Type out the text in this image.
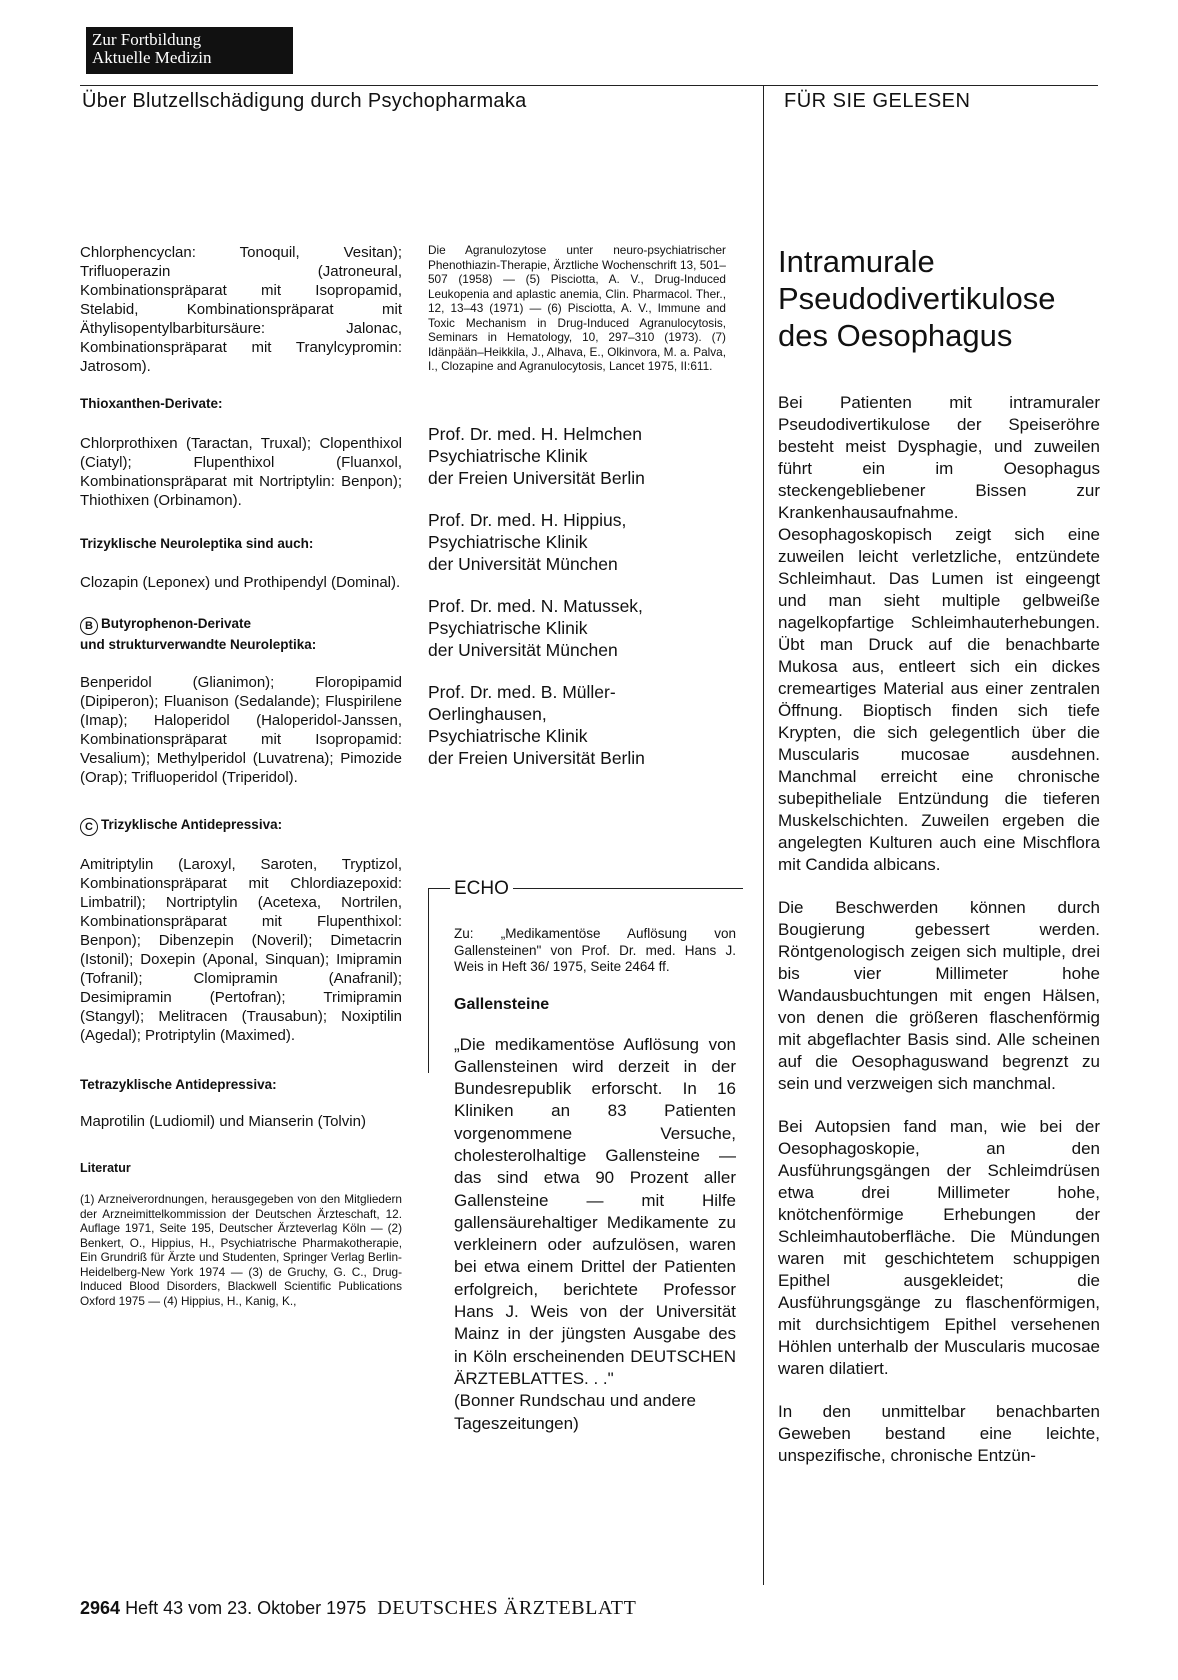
Zur Fortbildung
Aktuelle Medizin
Über Blutzellschädigung durch Psychopharmaka	FÜR SIE GELESEN

Chlorphencyclan: Tonoquil, Vesitan); Trifluoperazin (Jatroneural, Kombinationspräparat mit Isopropamid, Stelabid, Kombinationspräparat mit Äthylisopentylbarbitursäure: Jalonac, Kombinationspräparat mit Tranylcypromin: Jatrosom).

Thioxanthen-Derivate:

Chlorprothixen (Taractan, Truxal); Clopenthixol (Ciatyl); Flupenthixol (Fluanxol, Kombinationspräparat mit Nortriptylin: Benpon); Thiothixen (Orbinamon).

Trizyklische Neuroleptika sind auch:

Clozapin (Leponex) und Prothipendyl (Dominal).

B Butyrophenon-Derivate
und strukturverwandte Neuroleptika:

Benperidol (Glianimon); Floropipamid (Dipiperon); Fluanison (Sedalande); Fluspirilene (Imap); Haloperidol (Haloperidol-Janssen, Kombinationspräparat mit Isopropamid: Vesalium); Methylperidol (Luvatrena); Pimozide (Orap); Trifluoperidol (Triperidol).

C Trizyklische Antidepressiva:

Amitriptylin (Laroxyl, Saroten, Tryptizol, Kombinationspräparat mit Chlordiazepoxid: Limbatril); Nortriptylin (Acetexa, Nortrilen, Kombinationspräparat mit Flupenthixol: Benpon); Dibenzepin (Noveril); Dimetacrin (Istonil); Doxepin (Aponal, Sinquan); Imipramin (Tofranil); Clomipramin (Anafranil); Desimipramin (Pertofran); Trimipramin (Stangyl); Melitracen (Trausabun); Noxiptilin (Agedal); Protriptylin (Maximed).

Tetrazyklische Antidepressiva:

Maprotilin (Ludiomil) und Mianserin (Tolvin)

Literatur

(1) Arzneiverordnungen, herausgegeben von den Mitgliedern der Arzneimittelkommission der Deutschen Ärzteschaft, 12. Auflage 1971, Seite 195, Deutscher Ärzteverlag Köln — (2) Benkert, O., Hippius, H., Psychiatrische Pharmakotherapie, Ein Grundriß für Ärzte und Studenten, Springer Verlag Berlin-Heidelberg-New York 1974 — (3) de Gruchy, G. C., Drug-Induced Blood Disorders, Blackwell Scientific Publications Oxford 1975 — (4) Hippius, H., Kanig, K.,

Die Agranulozytose unter neuro-psychiatrischer Phenothiazin-Therapie, Ärztliche Wochenschrift 13, 501–507 (1958) — (5) Pisciotta, A. V., Drug-Induced Leukopenia and aplastic anemia, Clin. Pharmacol. Ther., 12, 13–43 (1971) — (6) Pisciotta, A. V., Immune and Toxic Mechanism in Drug-Induced Agranulocytosis, Seminars in Hematology, 10, 297–310 (1973). (7) Idänpään–Heikkila, J., Alhava, E., Olkinvora, M. a. Palva, I., Clozapine and Agranulocytosis, Lancet 1975, II:611.

Prof. Dr. med. H. Helmchen

Psychiatrische Klinik

der Freien Universität Berlin

Prof. Dr. med. H. Hippius,

Psychiatrische Klinik

der Universität München

Prof. Dr. med. N. Matussek,

Psychiatrische Klinik

der Universität München

Prof. Dr. med. B. Müller-

Oerlinghausen,

Psychiatrische Klinik

der Freien Universität Berlin

ECHO

Zu: „Medikamentöse Auflösung von Gallensteinen" von Prof. Dr. med. Hans J. Weis in Heft 36/ 1975, Seite 2464 ff.

Gallensteine

„Die medikamentöse Auflösung von Gallensteinen wird derzeit in der Bundesrepublik erforscht. In 16 Kliniken an 83 Patienten vorgenommene Versuche, cholesterolhaltige Gallensteine — das sind etwa 90 Prozent aller Gallensteine — mit Hilfe gallensäurehaltiger Medikamente zu verkleinern oder aufzulösen, waren bei etwa einem Drittel der Patienten erfolgreich, berichtete Professor Hans J. Weis von der Universität Mainz in der jüngsten Ausgabe des in Köln erscheinenden DEUTSCHEN ÄRZTEBLATTES. . ."

(Bonner Rundschau und andere Tageszeitungen)

Intramurale

Pseudodivertikulose

des Oesophagus

Bei Patienten mit intramuraler Pseudodivertikulose der Speiseröhre besteht meist Dysphagie, und zuweilen führt ein im Oesophagus steckengebliebener Bissen zur Krankenhausaufnahme. Oesophagoskopisch zeigt sich eine zuweilen leicht verletzliche, entzündete Schleimhaut. Das Lumen ist eingeengt und man sieht multiple gelbweiße nagelkopfartige Schleimhauterhebungen. Übt man Druck auf die benachbarte Mukosa aus, entleert sich ein dickes cremeartiges Material aus einer zentralen Öffnung. Bioptisch finden sich tiefe Krypten, die sich gelegentlich über die Muscularis mucosae ausdehnen. Manchmal erreicht eine chronische subepitheliale Entzündung die tieferen Muskelschichten. Zuweilen ergeben die angelegten Kulturen auch eine Mischflora mit Candida albicans.

Die Beschwerden können durch Bougierung gebessert werden. Röntgenologisch zeigen sich multiple, drei bis vier Millimeter hohe Wandausbuchtungen mit engen Hälsen, von denen die größeren flaschenförmig mit abgeflachter Basis sind. Alle scheinen auf die Oesophaguswand begrenzt zu sein und verzweigen sich manchmal.

Bei Autopsien fand man, wie bei der Oesophagoskopie, an den Ausführungsgängen der Schleimdrüsen etwa drei Millimeter hohe, knötchenförmige Erhebungen der Schleimhautoberfläche. Die Mündungen waren mit geschichtetem schuppigen Epithel ausgekleidet; die Ausführungsgänge zu flaschenförmigen, mit durchsichtigem Epithel versehenen Höhlen unterhalb der Muscularis mucosae waren dilatiert.

In den unmittelbar benachbarten Geweben bestand eine leichte, unspezifische, chronische Entzün-

2964 Heft 43 vom 23. Oktober 1975 DEUTSCHES ÄRZTEBLATT
